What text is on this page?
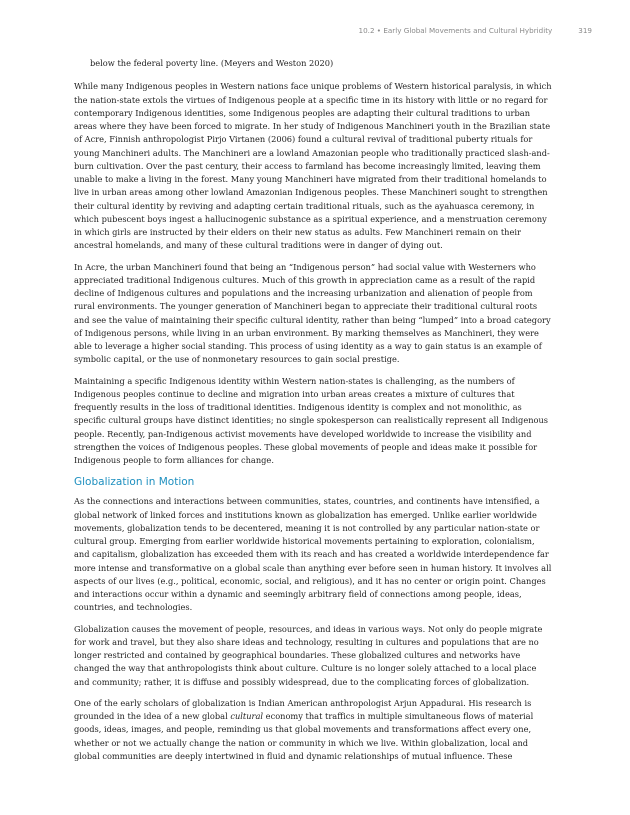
10.2 • Early Global Movements and Cultural Hybridity	319

below the federal poverty line. (Meyers and Weston 2020)

While many Indigenous peoples in Western nations face unique problems of Western historical paralysis, in which the nation-state extols the virtues of Indigenous people at a specific time in its history with little or no regard for contemporary Indigenous identities, some Indigenous peoples are adapting their cultural traditions to urban areas where they have been forced to migrate. In her study of Indigenous Manchineri youth in the Brazilian state of Acre, Finnish anthropologist Pirjo Virtanen (2006) found a cultural revival of traditional puberty rituals for young Manchineri adults. The Manchineri are a lowland Amazonian people who traditionally practiced slash-and-burn cultivation. Over the past century, their access to farmland has become increasingly limited, leaving them unable to make a living in the forest. Many young Manchineri have migrated from their traditional homelands to live in urban areas among other lowland Amazonian Indigenous peoples. These Manchineri sought to strengthen their cultural identity by reviving and adapting certain traditional rituals, such as the ayahuasca ceremony, in which pubescent boys ingest a hallucinogenic substance as a spiritual experience, and a menstruation ceremony in which girls are instructed by their elders on their new status as adults. Few Manchineri remain on their ancestral homelands, and many of these cultural traditions were in danger of dying out.

In Acre, the urban Manchineri found that being an “Indigenous person” had social value with Westerners who appreciated traditional Indigenous cultures. Much of this growth in appreciation came as a result of the rapid decline of Indigenous cultures and populations and the increasing urbanization and alienation of people from rural environments. The younger generation of Manchineri began to appreciate their traditional cultural roots and see the value of maintaining their specific cultural identity, rather than being “lumped” into a broad category of Indigenous persons, while living in an urban environment. By marking themselves as Manchineri, they were able to leverage a higher social standing. This process of using identity as a way to gain status is an example of symbolic capital, or the use of nonmonetary resources to gain social prestige.

Maintaining a specific Indigenous identity within Western nation-states is challenging, as the numbers of Indigenous peoples continue to decline and migration into urban areas creates a mixture of cultures that frequently results in the loss of traditional identities. Indigenous identity is complex and not monolithic, as specific cultural groups have distinct identities; no single spokesperson can realistically represent all Indigenous people. Recently, pan-Indigenous activist movements have developed worldwide to increase the visibility and strengthen the voices of Indigenous peoples. These global movements of people and ideas make it possible for Indigenous people to form alliances for change.

Globalization in Motion

As the connections and interactions between communities, states, countries, and continents have intensified, a global network of linked forces and institutions known as globalization has emerged. Unlike earlier worldwide movements, globalization tends to be decentered, meaning it is not controlled by any particular nation-state or cultural group. Emerging from earlier worldwide historical movements pertaining to exploration, colonialism, and capitalism, globalization has exceeded them with its reach and has created a worldwide interdependence far more intense and transformative on a global scale than anything ever before seen in human history. It involves all aspects of our lives (e.g., political, economic, social, and religious), and it has no center or origin point. Changes and interactions occur within a dynamic and seemingly arbitrary field of connections among people, ideas, countries, and technologies.

Globalization causes the movement of people, resources, and ideas in various ways. Not only do people migrate for work and travel, but they also share ideas and technology, resulting in cultures and populations that are no longer restricted and contained by geographical boundaries. These globalized cultures and networks have changed the way that anthropologists think about culture. Culture is no longer solely attached to a local place and community; rather, it is diffuse and possibly widespread, due to the complicating forces of globalization.

One of the early scholars of globalization is Indian American anthropologist Arjun Appadurai. His research is grounded in the idea of a new global cultural economy that traffics in multiple simultaneous flows of material goods, ideas, images, and people, reminding us that global movements and transformations affect every one, whether or not we actually change the nation or community in which we live. Within globalization, local and global communities are deeply intertwined in fluid and dynamic relationships of mutual influence. These
